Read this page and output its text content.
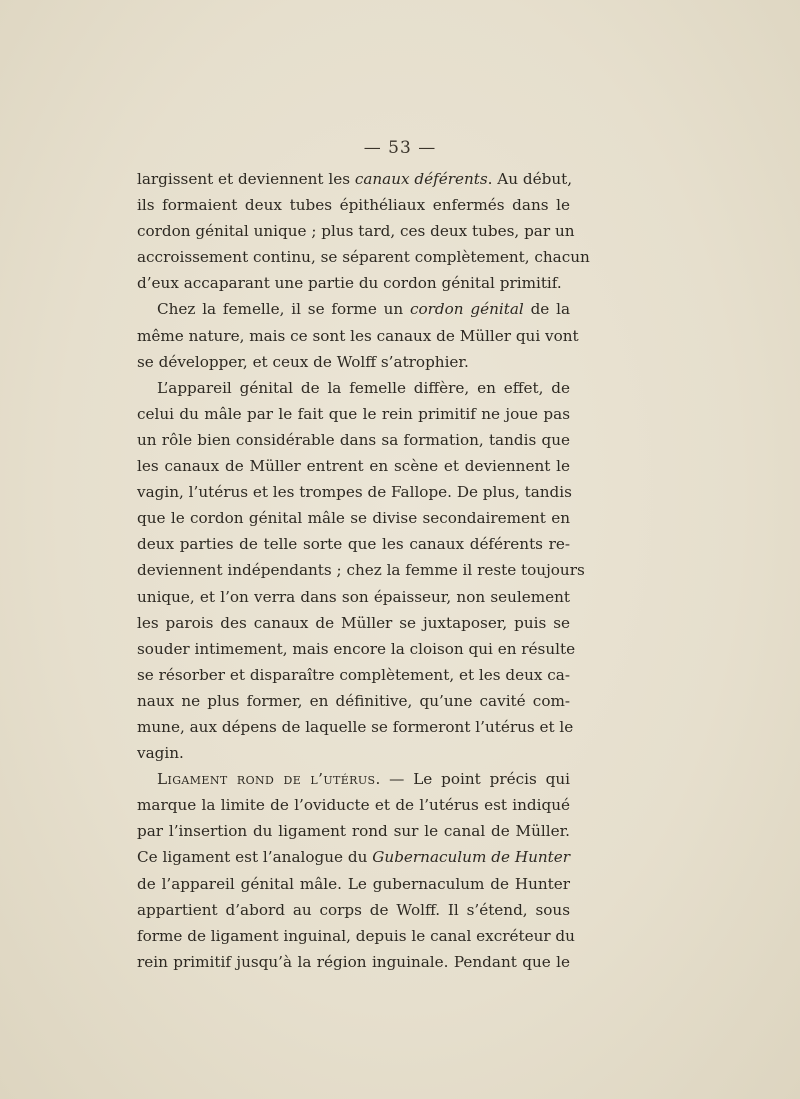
— 53 —
largissent et deviennent les canaux déférents. Au début,
ils formaient deux tubes épithéliaux enfermés dans le
cordon génital unique ; plus tard, ces deux tubes, par un
accroissement continu, se séparent complètement, chacun
d’eux accaparant une partie du cordon génital primitif.
Chez la femelle, il se forme un cordon génital de la
même nature, mais ce sont les canaux de Müller qui vont
se développer, et ceux de Wolff s’atrophier.
L’appareil génital de la femelle diffère, en effet, de
celui du mâle par le fait que le rein primitif ne joue pas
un rôle bien considérable dans sa formation, tandis que
les canaux de Müller entrent en scène et deviennent le
vagin, l’utérus et les trompes de Fallope. De plus, tandis
que le cordon génital mâle se divise secondairement en
deux parties de telle sorte que les canaux déférents re-
deviennent indépendants ; chez la femme il reste toujours
unique, et l’on verra dans son épaisseur, non seulement
les parois des canaux de Müller se juxtaposer, puis se
souder intimement, mais encore la cloison qui en résulte
se résorber et disparaître complètement, et les deux ca-
naux ne plus former, en définitive, qu’une cavité com-
mune, aux dépens de laquelle se formeront l’utérus et le
vagin.
Ligament rond de l’utérus. — Le point précis qui
marque la limite de l’oviducte et de l’utérus est indiqué
par l’insertion du ligament rond sur le canal de Müller.
Ce ligament est l’analogue du Gubernaculum de Hunter
de l’appareil génital mâle. Le gubernaculum de Hunter
appartient d’abord au corps de Wolff. Il s’étend, sous
forme de ligament inguinal, depuis le canal excréteur du
rein primitif jusqu’à la région inguinale. Pendant que le
